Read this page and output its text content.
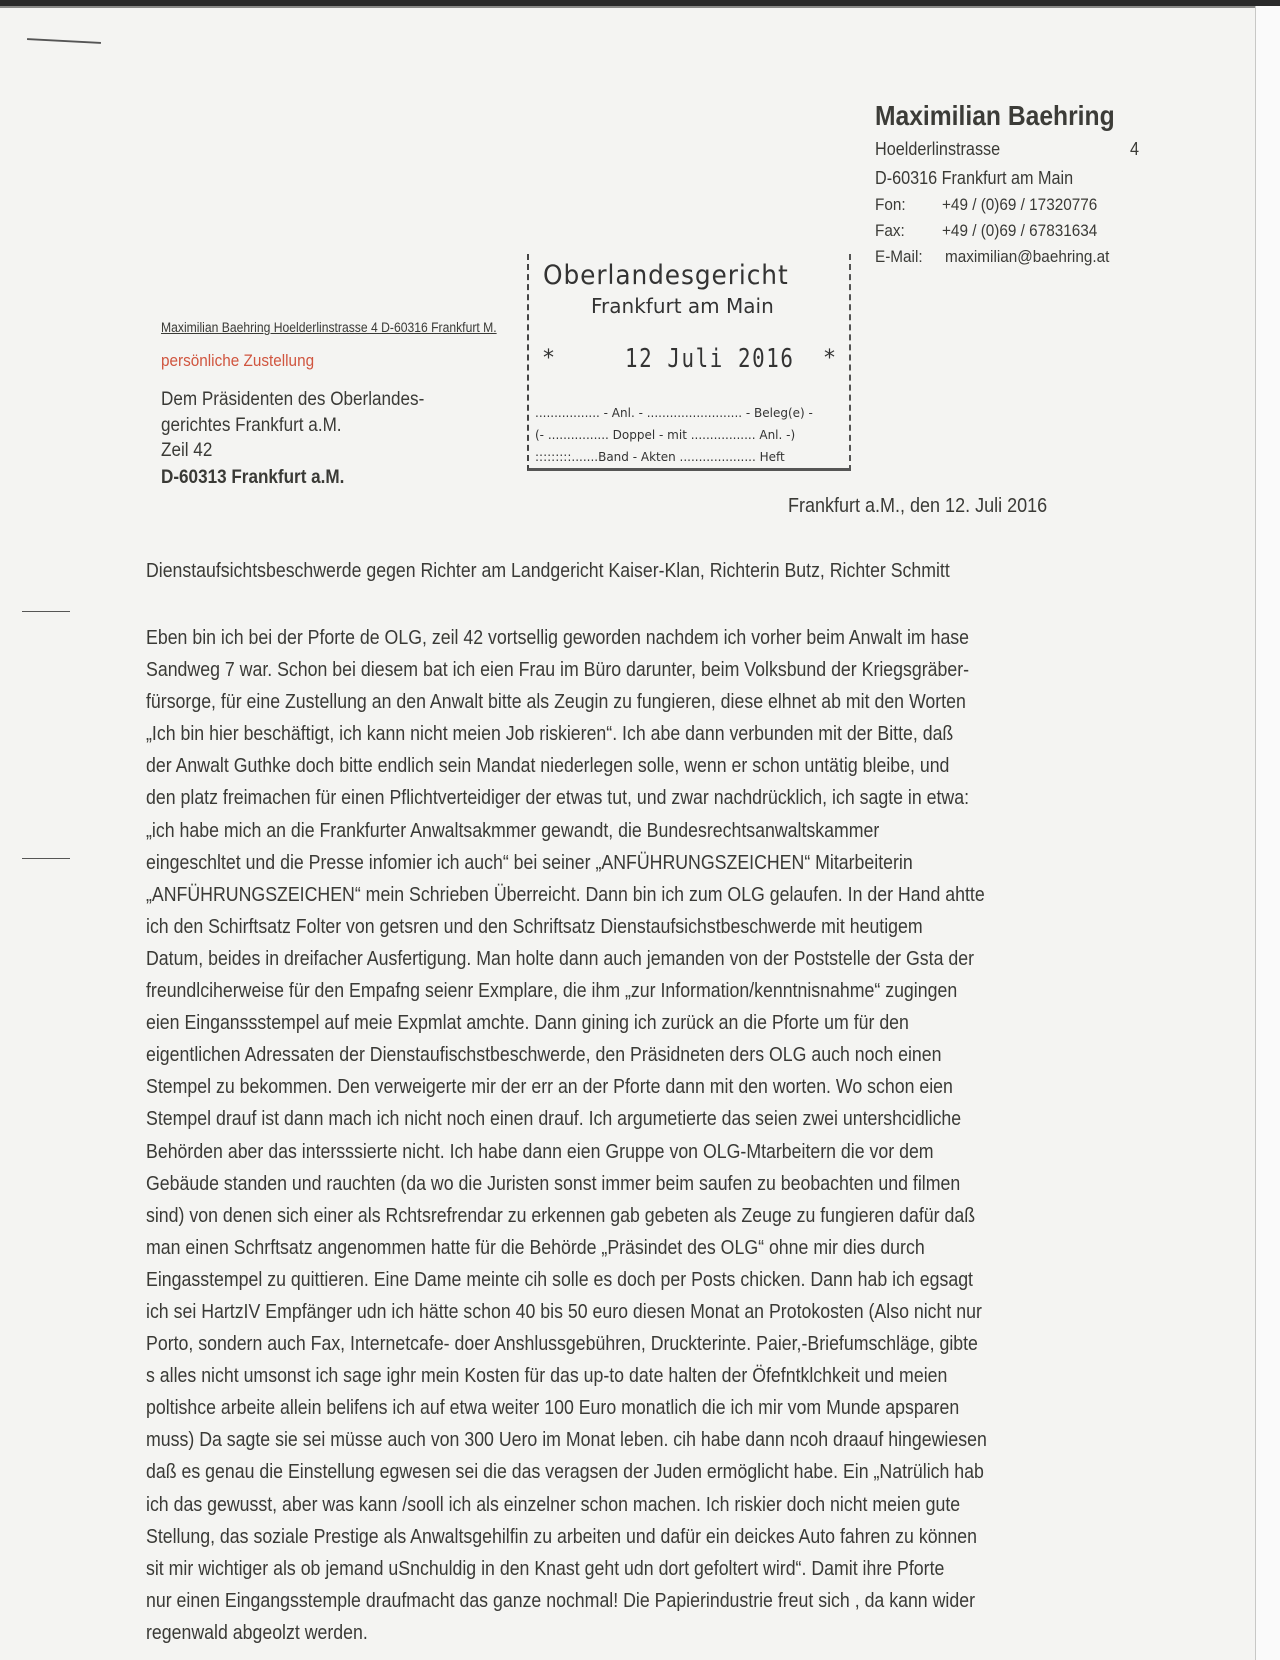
Maximilian Baehring
Hoelderlinstrasse	4
D-60316 Frankfurt am Main
Fon: +49 / (0)69 / 17320776
Fax: +49 / (0)69 / 67831634
E-Mail: maximilian@baehring.at
Oberlandesgericht
Frankfurt am Main
*	12 Juli 2016 *
................. - Anl. - ......................... - Beleg(e) -
(- ................ Doppel - mit ................. Anl. -)
:::::::::.......Band - Akten .................... Heft
Maximilian Baehring Hoelderlinstrasse 4 D-60316 Frankfurt M.
persönliche Zustellung
Dem Präsidenten des Oberlandes-
gerichtes Frankfurt a.M.
Zeil 42
D-60313 Frankfurt a.M.
Frankfurt a.M., den 12. Juli 2016
Dienstaufsichtsbeschwerde gegen Richter am Landgericht Kaiser-Klan, Richterin Butz, Richter Schmitt
Eben bin ich bei der Pforte de OLG, zeil 42 vortsellig geworden nachdem ich vorher beim Anwalt im hase
Sandweg 7 war. Schon bei diesem bat ich eien Frau im Büro darunter, beim Volksbund der Kriegsgräber-
fürsorge, für eine Zustellung an den Anwalt bitte als Zeugin zu fungieren, diese elhnet ab mit den Worten
„Ich bin hier beschäftigt, ich kann nicht meien Job riskieren“. Ich abe dann verbunden mit der Bitte, daß
der Anwalt Guthke doch bitte endlich sein Mandat niederlegen solle, wenn er schon untätig bleibe, und
den platz freimachen für einen Pflichtverteidiger der etwas tut, und zwar nachdrücklich, ich sagte in etwa:
„ich habe mich an die Frankfurter Anwaltsakmmer gewandt, die Bundesrechtsanwaltskammer
eingeschltet und die Presse infomier ich auch“ bei seiner „ANFÜHRUNGSZEICHEN“ Mitarbeiterin
„ANFÜHRUNGSZEICHEN“ mein Schrieben Überreicht. Dann bin ich zum OLG gelaufen. In der Hand ahtte
ich den Schirftsatz Folter von getsren und den Schriftsatz Dienstaufsichstbeschwerde mit heutigem
Datum, beides in dreifacher Ausfertigung. Man holte dann auch jemanden von der Poststelle der Gsta der
freundlciherweise für den Empafng seienr Exmplare, die ihm „zur Information/kenntnisnahme“ zugingen
eien Einganssstempel auf meie Expmlat amchte. Dann gining ich zurück an die Pforte um für den
eigentlichen Adressaten der Dienstaufischstbeschwerde, den Präsidneten ders OLG auch noch einen
Stempel zu bekommen. Den verweigerte mir der err an der Pforte dann mit den worten. Wo schon eien
Stempel drauf ist dann mach ich nicht noch einen drauf. Ich argumetierte das seien zwei untershcidliche
Behörden aber das intersssierte nicht. Ich habe dann eien Gruppe von OLG-Mtarbeitern die vor dem
Gebäude standen und rauchten (da wo die Juristen sonst immer beim saufen zu beobachten und filmen
sind) von denen sich einer als Rchtsrefrendar zu erkennen gab gebeten als Zeuge zu fungieren dafür daß
man einen Schrftsatz angenommen hatte für die Behörde „Präsindet des OLG“ ohne mir dies durch
Eingasstempel zu quittieren. Eine Dame meinte cih solle es doch per Posts chicken. Dann hab ich egsagt
ich sei HartzIV Empfänger udn ich hätte schon 40 bis 50 euro diesen Monat an Protokosten (Also nicht nur
Porto, sondern auch Fax, Internetcafe- doer Anshlussgebühren, Druckterinte. Paier,-Briefumschläge, gibte
s alles nicht umsonst ich sage ighr mein Kosten für das up-to date halten der Öfefntklchkeit und meien
poltishce arbeite allein belifens ich auf etwa weiter 100 Euro monatlich die ich mir vom Munde apsparen
muss) Da sagte sie sei müsse auch von 300 Uero im Monat leben. cih habe dann ncoh draauf hingewiesen
daß es genau die Einstellung egwesen sei die das veragsen der Juden ermöglicht habe. Ein „Natrülich hab
ich das gewusst, aber was kann /sooll ich als einzelner schon machen. Ich riskier doch nicht meien gute
Stellung, das soziale Prestige als Anwaltsgehilfin zu arbeiten und dafür ein deickes Auto fahren zu können
sit mir wichtiger als ob jemand uSnchuldig in den Knast geht udn dort gefoltert wird“. Damit ihre Pforte
nur einen Eingangsstemple draufmacht das ganze nochmal! Die Papierindustrie freut sich , da kann wider
regenwald abgeolzt werden.
